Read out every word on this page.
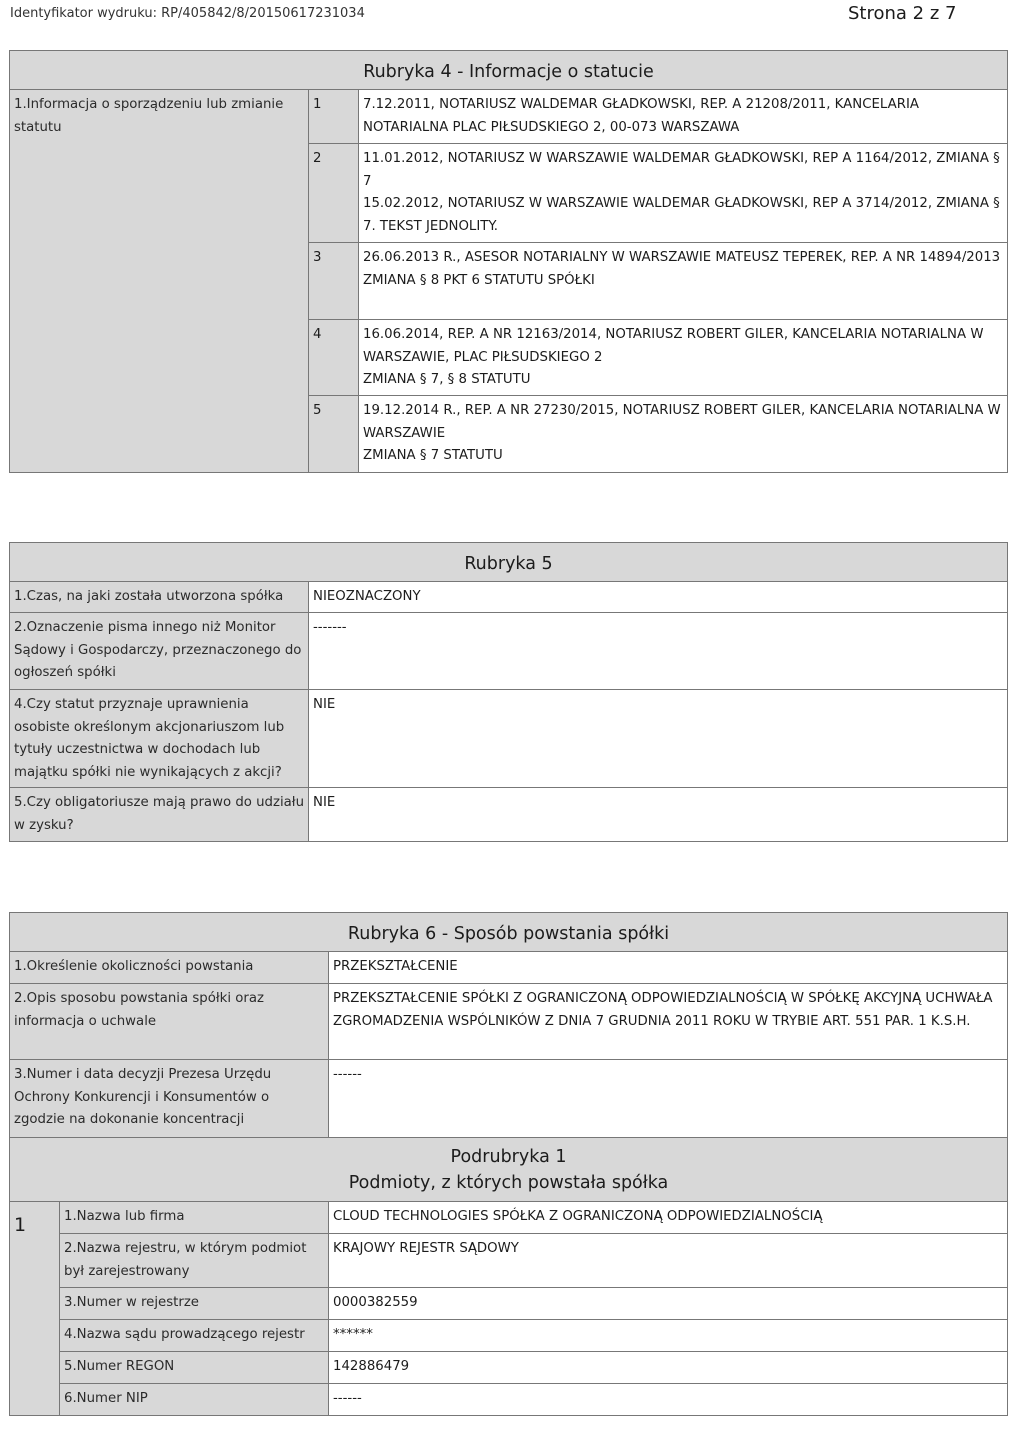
Identyfikator wydruku: RP/405842/8/20150617231034	Strona 2 z 7
Rubryka 4 - Informacje o statucie		
1.Informacja o sporządzeniu lub zmianie statutu	1	7.12.2011, NOTARIUSZ WALDEMAR GŁADKOWSKI, REP. A 21208/2011, KANCELARIA NOTARIALNA PLAC PIŁSUDSKIEGO 2, 00-073 WARSZAWA

	2	11.01.2012, NOTARIUSZ W WARSZAWIE WALDEMAR GŁADKOWSKI, REP A 1164/2012, ZMIANA § 7
15.02.2012, NOTARIUSZ W WARSZAWIE WALDEMAR GŁADKOWSKI, REP A 3714/2012, ZMIANA § 7. TEKST JEDNOLITY.

	3	26.06.2013 R., ASESOR NOTARIALNY W WARSZAWIE MATEUSZ TEPEREK, REP. A NR 14894/2013
ZMIANA § 8 PKT 6 STATUTU SPÓŁKI

	4	16.06.2014, REP. A NR 12163/2014, NOTARIUSZ ROBERT GILER, KANCELARIA NOTARIALNA W WARSZAWIE, PLAC PIŁSUDSKIEGO 2
ZMIANA § 7, § 8 STATUTU

	5	19.12.2014 R., REP. A NR 27230/2015, NOTARIUSZ ROBERT GILER, KANCELARIA NOTARIALNA W WARSZAWIE
ZMIANA § 7 STATUTU
Rubryka 5	
1.Czas, na jaki została utworzona spółka	NIEOZNACZONY
2.Oznaczenie pisma innego niż Monitor Sądowy i Gospodarczy, przeznaczonego do ogłoszeń spółki	-------
4.Czy statut przyznaje uprawnienia osobiste określonym akcjonariuszom lub tytuły uczestnictwa w dochodach lub majątku spółki nie wynikających z akcji?	NIE
5.Czy obligatoriusze mają prawo do udziału w zysku?	NIE
Rubryka 6 - Sposób powstania spółki		
1.Określenie okoliczności powstania		PRZEKSZTAŁCENIE
2.Opis sposobu powstania spółki oraz informacja o uchwale		PRZEKSZTAŁCENIE SPÓŁKI Z OGRANICZONĄ ODPOWIEDZIALNOŚCIĄ W SPÓŁKĘ AKCYJNĄ UCHWAŁA ZGROMADZENIA WSPÓLNIKÓW Z DNIA 7 GRUDNIA 2011 ROKU W TRYBIE ART. 551 PAR. 1 K.S.H.
3.Numer i data decyzji Prezesa Urzędu Ochrony Konkurencji i Konsumentów o zgodzie na dokonanie koncentracji		------

Podrubryka 1
Podmioty, z których powstała spółka		

1	1.Nazwa lub firma	CLOUD TECHNOLOGIES SPÓŁKA Z OGRANICZONĄ ODPOWIEDZIALNOŚCIĄ
	2.Nazwa rejestru, w którym podmiot był zarejestrowany	KRAJOWY REJESTR SĄDOWY
	3.Numer w rejestrze	0000382559
	4.Nazwa sądu prowadzącego rejestr	******
	5.Numer REGON	142886479
	6.Numer NIP	------
